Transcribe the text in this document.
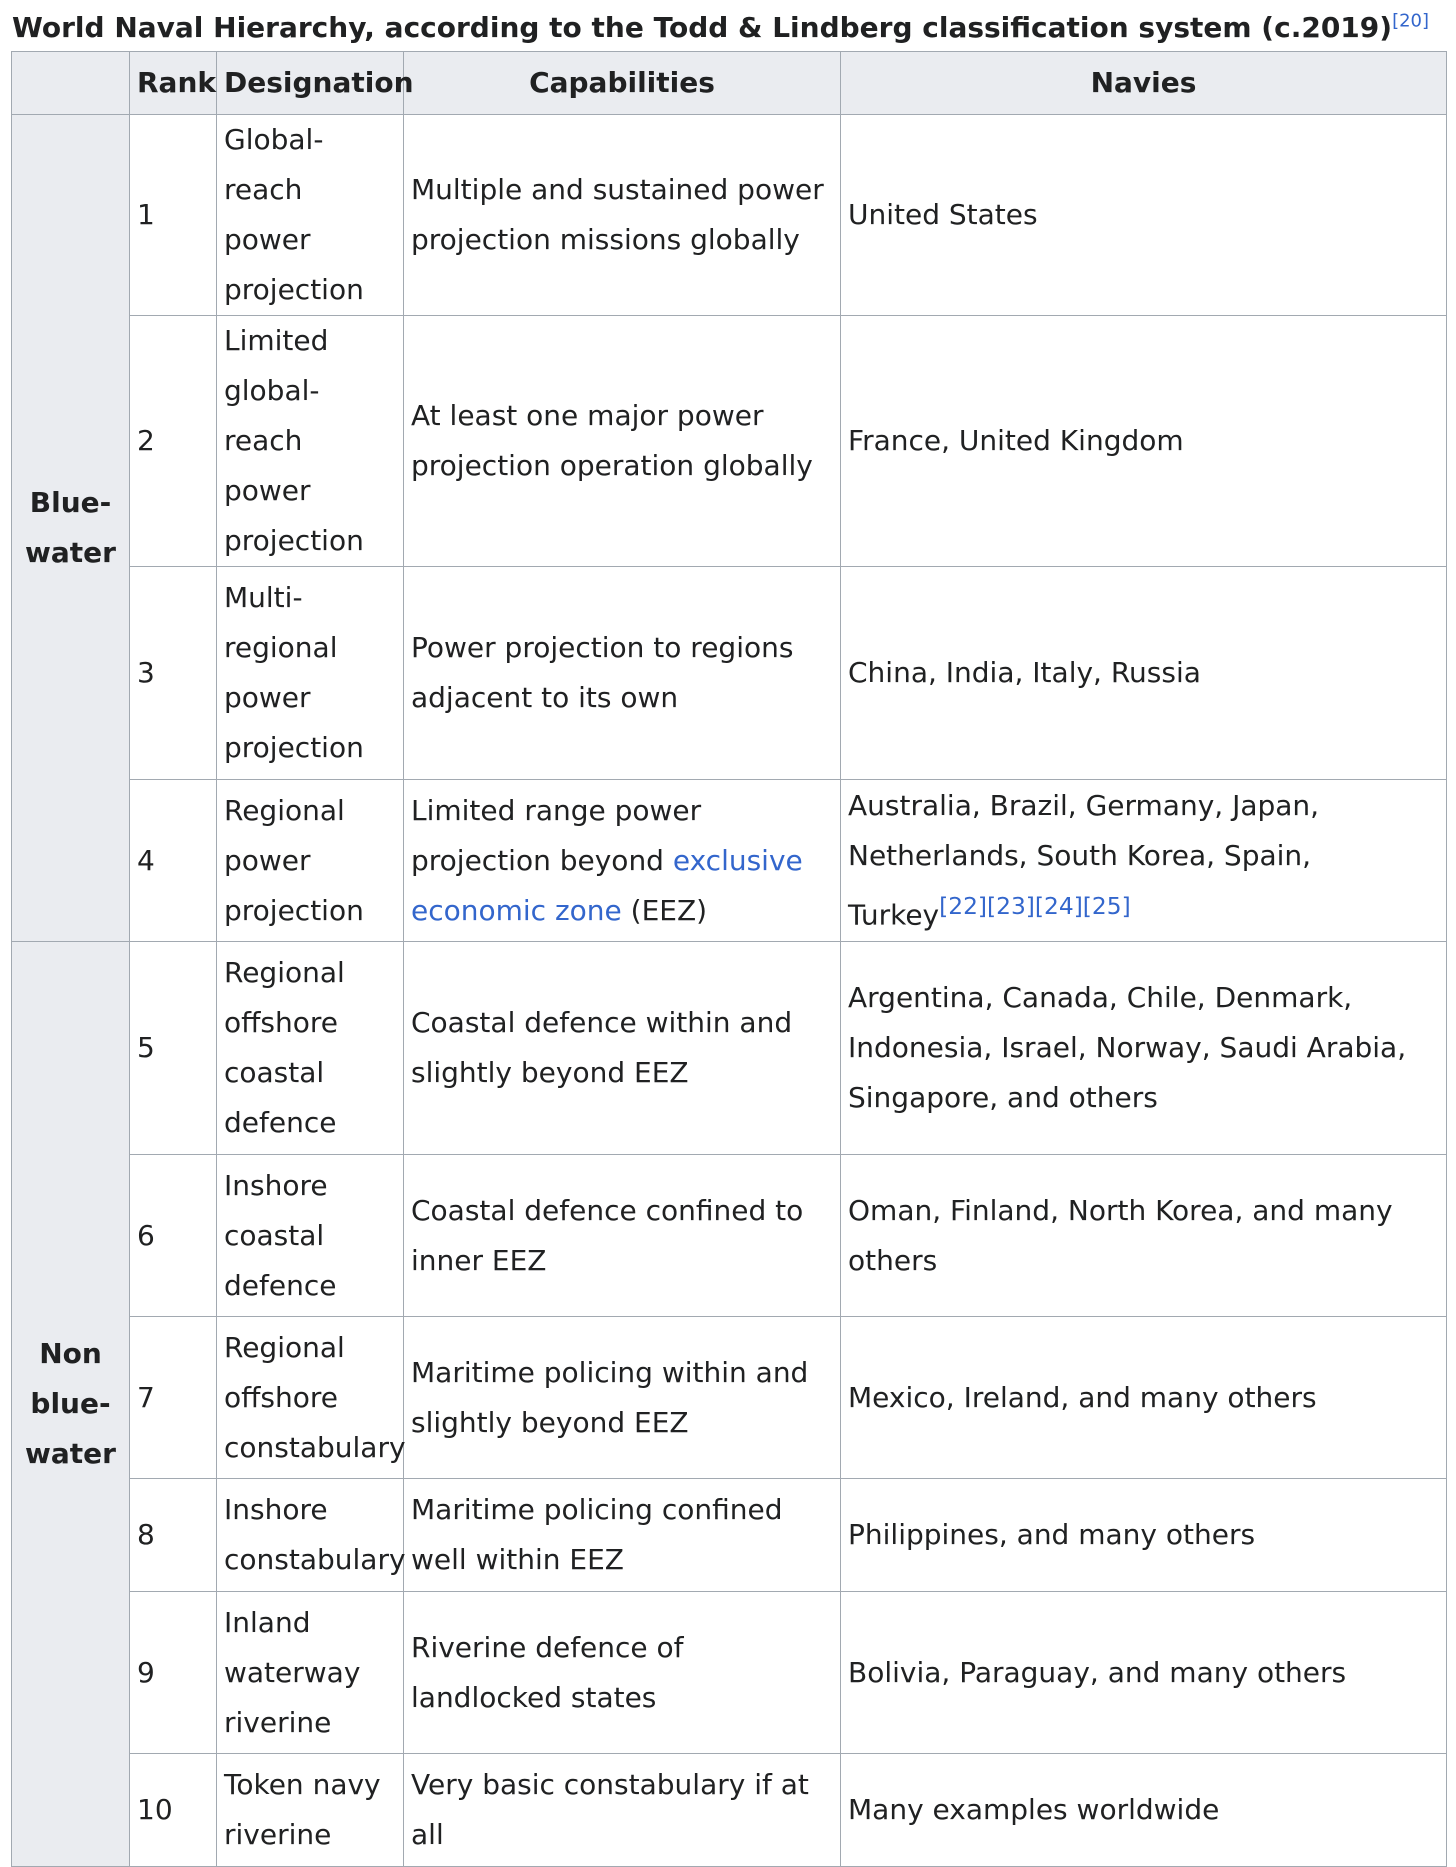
World Naval Hierarchy, according to the Todd & Lindberg classification system (c.2019)[20]
	Rank	Designation	Capabilities	Navies
Blue-water	1	Global-reach power projection	Multiple and sustained power projection missions globally	United States
	2	Limited global-reach power projection	At least one major power projection operation globally	France, United Kingdom
	3	Multi-regional power projection	Power projection to regions adjacent to its own	China, India, Italy, Russia
	4	Regional power projection	Limited range power projection beyond exclusive economic zone (EEZ)	Australia, Brazil, Germany, Japan, Netherlands, South Korea, Spain, Turkey[22][23][24][25]
Non blue-water	5	Regional offshore coastal defence	Coastal defence within and slightly beyond EEZ	Argentina, Canada, Chile, Denmark, Indonesia, Israel, Norway, Saudi Arabia, Singapore, and others
	6	Inshore coastal defence	Coastal defence confined to inner EEZ	Oman, Finland, North Korea, and many others
	7	Regional offshore constabulary	Maritime policing within and slightly beyond EEZ	Mexico, Ireland, and many others
	8	Inshore constabulary	Maritime policing confined well within EEZ	Philippines, and many others
	9	Inland waterway riverine	Riverine defence of landlocked states	Bolivia, Paraguay, and many others
	10	Token navy riverine	Very basic constabulary if at all	Many examples worldwide
